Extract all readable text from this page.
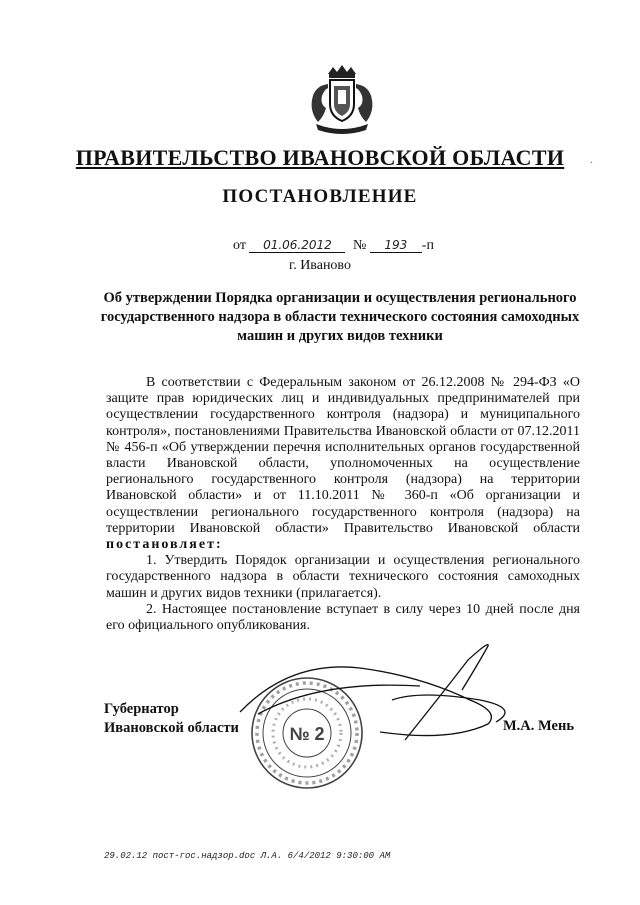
ПРАВИТЕЛЬСТВО ИВАНОВСКОЙ ОБЛАСТИ	.
ПОСТАНОВЛЕНИЕ
от 01.06.2012 № 193 -п
г. Иваново
Об утверждении Порядка организации и осуществления регионального государственного надзора в области технического состояния самоходных машин и других видов техники

В соответствии с Федеральным законом от 26.12.2008 № 294-ФЗ «О защите прав юридических лиц и индивидуальных предпринимателей при осуществлении государственного контроля (надзора) и муниципального контроля», постановлениями Правительства Ивановской области от 07.12.2011 № 456-п «Об утверждении перечня исполнительных органов государственной власти Ивановской области, уполномоченных на осуществление регионального государственного контроля (надзора) на территории Ивановской области» и от 11.10.2011 № 360-п «Об организации и осуществлении регионального государственного контроля (надзора) на территории Ивановской области» Правительство Ивановской области постановляет:

1. Утвердить Порядок организации и осуществления регионального государственного надзора в области технического состояния самоходных машин и других видов техники (прилагается).

2. Настоящее постановление вступает в силу через 10 дней после дня его официального опубликования.

Губернатор
Ивановской области	М.А. Мень
№ 2
29.02.12 пост-гос.надзор.doc Л.А. 6/4/2012 9:30:00 AM
